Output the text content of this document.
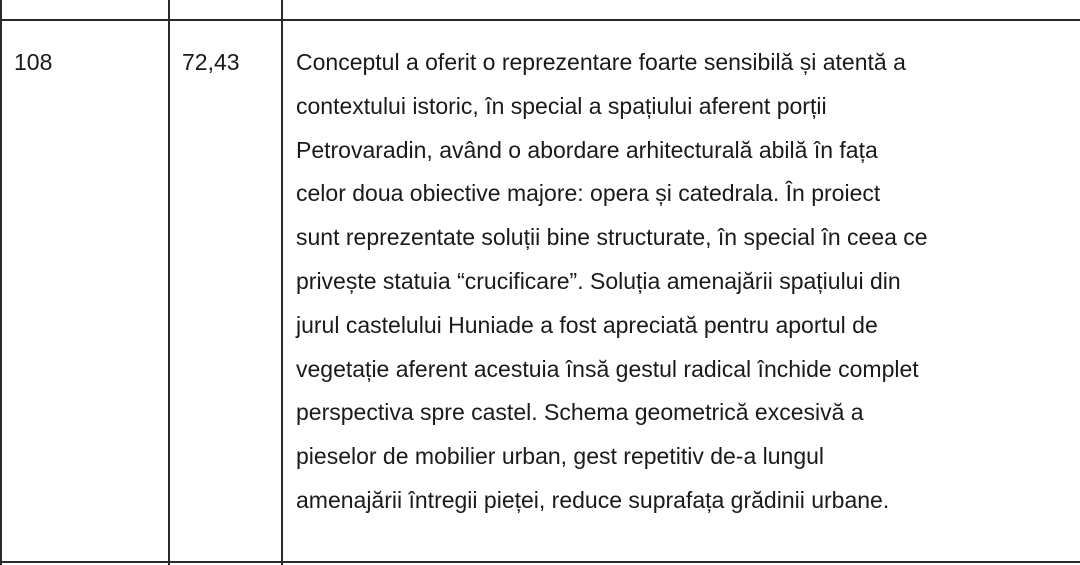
108	72,43 Conceptul a oferit o reprezentare foarte sensibilă și atentă a
contextului istoric, în special a spațiului aferent porții
Petrovaradin, având o abordare arhitecturală abilă în fața
celor doua obiective majore: opera și catedrala. În proiect
sunt reprezentate soluții bine structurate, în special în ceea ce
privește statuia “crucificare”. Soluția amenajării spațiului din
jurul castelului Huniade a fost apreciată pentru aportul de
vegetație aferent acestuia însă gestul radical închide complet
perspectiva spre castel. Schema geometrică excesivă a
pieselor de mobilier urban, gest repetitiv de-a lungul
amenajării întregii pieței, reduce suprafața grădinii urbane.
